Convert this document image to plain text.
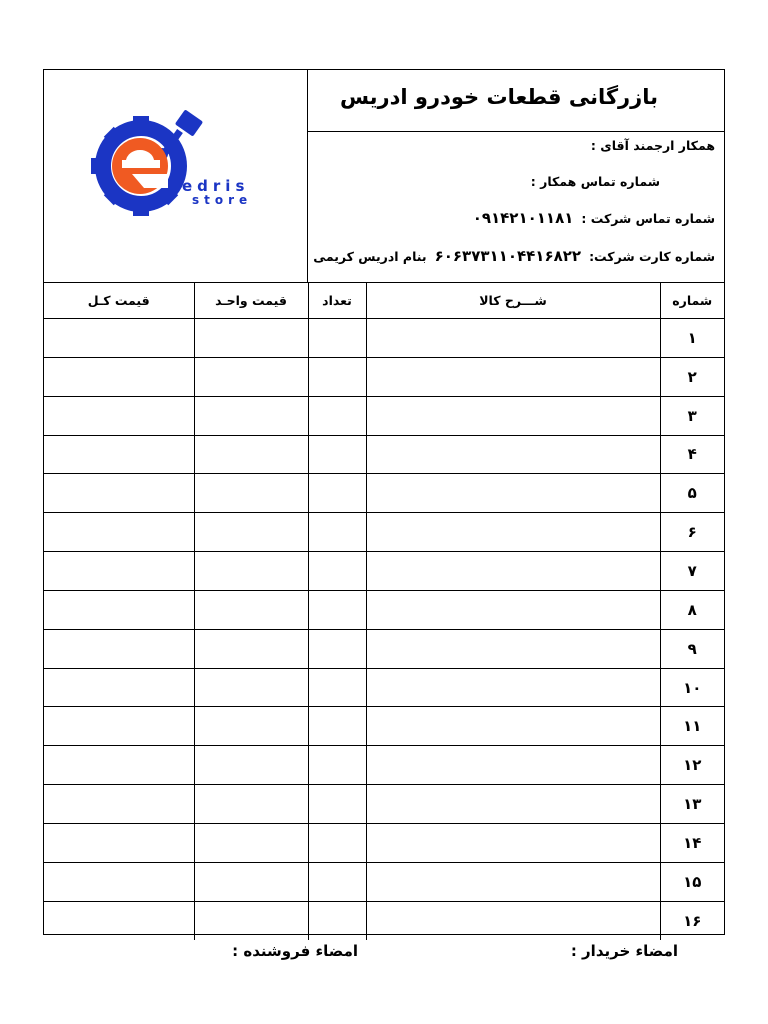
edris
store
بازرگانی قطعات خودرو ادریس
همکار ارجمند آقای :
شماره تماس همکار :
شماره تماس شرکت :۰۹۱۴۲۱۰۱۱۸۱
شماره کارت شرکت:۶۰۶۳۷۳۱۱۰۴۴۱۶۸۲۲بنام ادریس کریمی
قیمت کـل	قیمت واحـد	تعداد	شـــرح کالا	شماره
				۱
				۲
				۳
				۴
				۵
				۶
				۷
				۸
				۹
				۱۰
				۱۱
				۱۲
				۱۳
				۱۴
				۱۵
				۱۶
امضاء خریدار :
امضاء فروشنده :
